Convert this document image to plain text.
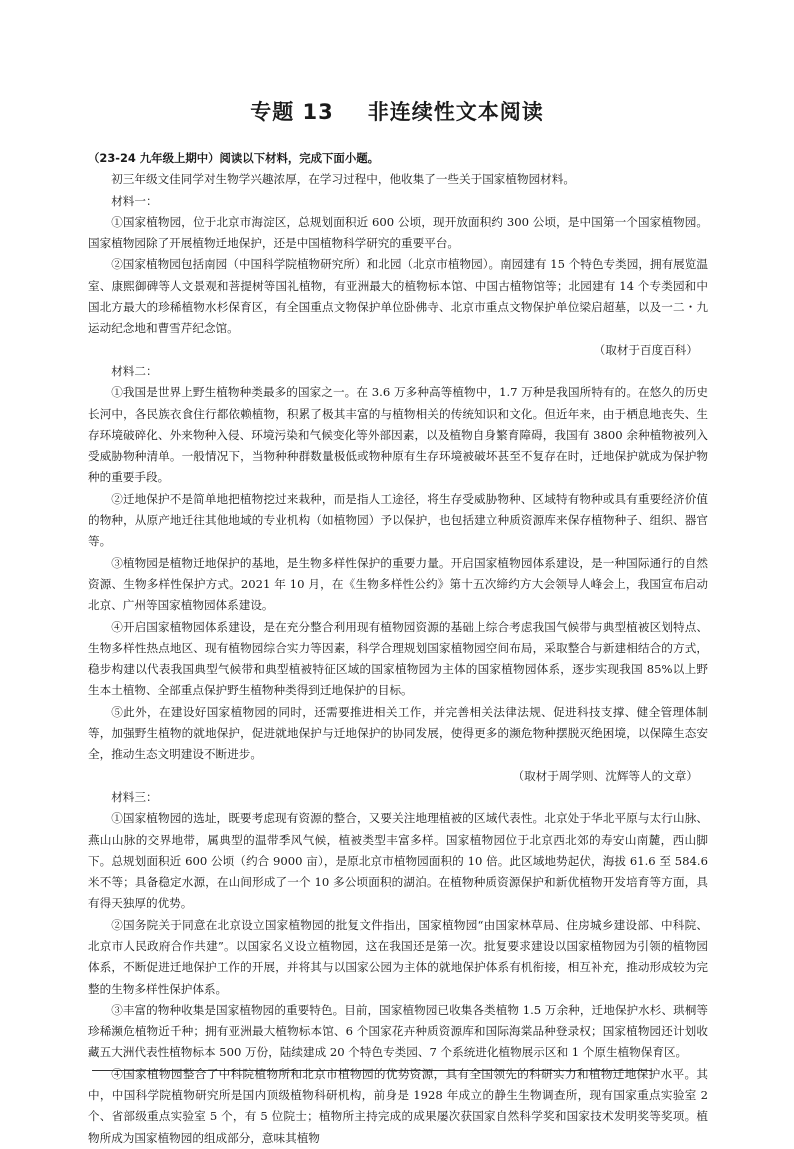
专题 13 非连续性文本阅读

（23-24 九年级上期中）阅读以下材料，完成下面小题。

初三年级文佳同学对生物学兴趣浓厚，在学习过程中，他收集了一些关于国家植物园材料。

材料一：

①国家植物园，位于北京市海淀区，总规划面积近 600 公顷，现开放面积约 300 公顷，是中国第一个国家植物园。国家植物园除了开展植物迁地保护，还是中国植物科学研究的重要平台。

②国家植物园包括南园（中国科学院植物研究所）和北园（北京市植物园）。南园建有 15 个特色专类园，拥有展览温室、康熙御碑等人文景观和菩提树等国礼植物，有亚洲最大的植物标本馆、中国古植物馆等；北园建有 14 个专类园和中国北方最大的珍稀植物水杉保育区，有全国重点文物保护单位卧佛寺、北京市重点文物保护单位梁启超墓，以及一二・九运动纪念地和曹雪芹纪念馆。

（取材于百度百科）

材料二：

①我国是世界上野生植物种类最多的国家之一。在 3.6 万多种高等植物中，1.7 万种是我国所特有的。在悠久的历史长河中，各民族衣食住行都依赖植物，积累了极其丰富的与植物相关的传统知识和文化。但近年来，由于栖息地丧失、生存环境破碎化、外来物种入侵、环境污染和气候变化等外部因素，以及植物自身繁育障碍，我国有 3800 余种植物被列入受威胁物种清单。一般情况下，当物种种群数量极低或物种原有生存环境被破坏甚至不复存在时，迁地保护就成为保护物种的重要手段。

②迁地保护不是简单地把植物挖过来栽种，而是指人工途径，将生存受威胁物种、区域特有物种或具有重要经济价值的物种，从原产地迁往其他地域的专业机构（如植物园）予以保护，也包括建立种质资源库来保存植物种子、组织、器官等。

③植物园是植物迁地保护的基地，是生物多样性保护的重要力量。开启国家植物园体系建设，是一种国际通行的自然资源、生物多样性保护方式。2021 年 10 月，在《生物多样性公约》第十五次缔约方大会领导人峰会上，我国宣布启动北京、广州等国家植物园体系建设。

④开启国家植物园体系建设，是在充分整合利用现有植物园资源的基础上综合考虑我国气候带与典型植被区划特点、生物多样性热点地区、现有植物园综合实力等因素，科学合理规划国家植物园空间布局，采取整合与新建相结合的方式，稳步构建以代表我国典型气候带和典型植被特征区域的国家植物园为主体的国家植物园体系，逐步实现我国 85%以上野生本土植物、全部重点保护野生植物种类得到迁地保护的目标。

⑤此外，在建设好国家植物园的同时，还需要推进相关工作，并完善相关法律法规、促进科技支撑、健全管理体制等，加强野生植物的就地保护，促进就地保护与迁地保护的协同发展，使得更多的濒危物种摆脱灭绝困境，以保障生态安全，推动生态文明建设不断进步。

（取材于周学则、沈辉等人的文章）

材料三：

①国家植物园的选址，既要考虑现有资源的整合，又要关注地理植被的区域代表性。北京处于华北平原与太行山脉、燕山山脉的交界地带，属典型的温带季风气候，植被类型丰富多样。国家植物园位于北京西北郊的寿安山南麓，西山脚下。总规划面积近 600 公顷（约合 9000 亩），是原北京市植物园面积的 10 倍。此区域地势起伏，海拔 61.6 至 584.6 米不等；具备稳定水源，在山间形成了一个 10 多公顷面积的湖泊。在植物种质资源保护和新优植物开发培育等方面，具有得天独厚的优势。

②国务院关于同意在北京设立国家植物园的批复文件指出，国家植物园“由国家林草局、住房城乡建设部、中科院、北京市人民政府合作共建”。以国家名义设立植物园，这在我国还是第一次。批复要求建设以国家植物园为引领的植物园体系，不断促进迁地保护工作的开展，并将其与以国家公园为主体的就地保护体系有机衔接，相互补充，推动形成较为完整的生物多样性保护体系。

③丰富的物种收集是国家植物园的重要特色。目前，国家植物园已收集各类植物 1.5 万余种，迁地保护水杉、珙桐等珍稀濒危植物近千种；拥有亚洲最大植物标本馆、6 个国家花卉种质资源库和国际海棠品种登录权；国家植物园还计划收藏五大洲代表性植物标本 500 万份，陆续建成 20 个特色专类园、7 个系统进化植物展示区和 1 个原生植物保育区。

④国家植物园整合了中科院植物所和北京市植物园的优势资源，具有全国领先的科研实力和植物迁地保护水平。其中，中国科学院植物研究所是国内顶级植物科研机构，前身是 1928 年成立的静生生物调查所，现有国家重点实验室 2 个、省部级重点实验室 5 个，有 5 位院士；植物所主持完成的成果屡次获国家自然科学奖和国家技术发明奖等奖项。植物所成为国家植物园的组成部分，意味其植物
